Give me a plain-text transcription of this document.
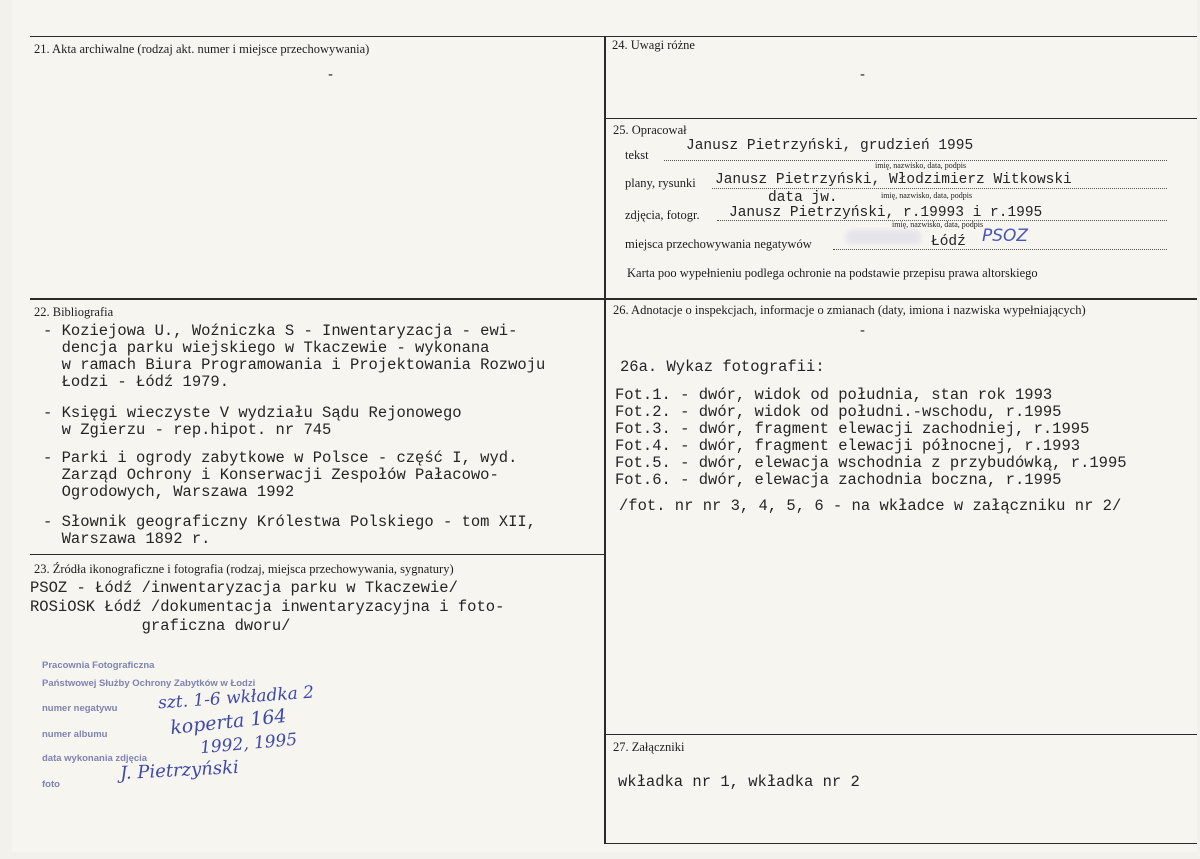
21. Akta archiwalne (rodzaj akt. numer i miejsce przechowywania)
-
24. Uwagi różne
-
25. Opracował
tekst
Janusz Pietrzyński, grudzień 1995
imię, nazwisko, data, podpis
plany, rysunki Janusz Pietrzyński, Włodzimierz Witkowski
imię, nazwisko, data, podpis
data jw.
zdjęcia, fotogr. Janusz Pietrzyński, r.19993 i r.1995
imię, nazwisko, data, podpis
miejsca przechowywania negatywów	Łódź PSOZ
Karta poo wypełnieniu podlega ochronie na podstawie przepisu prawa altorskiego
22. Bibliografia
- Koziejowa U., Woźniczka S - Inwentaryzacja - ewi-
dencja parku wiejskiego w Tkaczewie - wykonana
w ramach Biura Programowania i Projektowania Rozwoju
Łodzi - Łódź 1979.
- Księgi wieczyste V wydziału Sądu Rejonowego
w Zgierzu - rep.hipot. nr 745
- Parki i ogrody zabytkowe w Polsce - część I, wyd.
Zarząd Ochrony i Konserwacji Zespołów Pałacowo-
Ogrodowych, Warszawa 1992
- Słownik geograficzny Królestwa Polskiego - tom XII,
Warszawa 1892 r.
26. Adnotacje o inspekcjach, informacje o zmianach (daty, imiona i nazwiska wypełniających)
-
26a. Wykaz fotografii:
Fot.1. - dwór, widok od południa, stan rok 1993
Fot.2. - dwór, widok od południ.-wschodu, r.1995
Fot.3. - dwór, fragment elewacji zachodniej, r.1995
Fot.4. - dwór, fragment elewacji północnej, r.1993
Fot.5. - dwór, elewacja wschodnia z przybudówką, r.1995
Fot.6. - dwór, elewacja zachodnia boczna, r.1995
/fot. nr nr 3, 4, 5, 6 - na wkładce w załączniku nr 2/
23. Źródła ikonograficzne i fotografia (rodzaj, miejsca przechowywania, sygnatury)
PSOZ - Łódź /inwentaryzacja parku w Tkaczewie/
ROSiOSK Łódź /dokumentacja inwentaryzacyjna i foto-
graficzna dworu/
Pracownia Fotograficzna
Państwowej Służby Ochrony Zabytków w Łodzi
numer negatywu szt. 1-6 wkładka 2
numer albumu	koperta 164
data wykonania zdjęcia
1992, 1995
foto
J. Pietrzyński
27. Załączniki
wkładka nr 1, wkładka nr 2
